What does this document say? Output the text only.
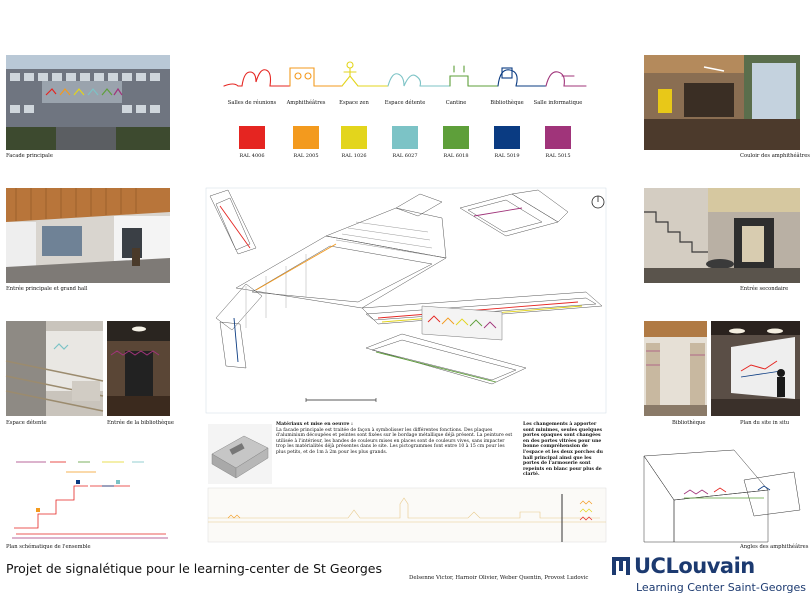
Facade principale
Entrée principale et grand hall
Espace détente	Entrée de la bibliothèque
Plan schématique de l'ensemble
Salles de réunions
RAL 4006
Amphithéâtres
RAL 2005
Espace zen
RAL 1026
Espace détente
RAL 6027
Cantine
RAL 6018
Bibliothèque
RAL 5019
Salle informatique
RAL 5015
Matériaux et mise en oeuvre :
La facade principale est traitée de façon à symbolisser les différentes fonctions. Des plaques d'aluminium découpées et peintes sont fixées sur le bordage métallique déjà présent. La peinture est utilisée à l'intérieur, les bandes de couleurs mises en places sont de couleurs vives, sans impacter trop les matérialités déjà présentes dans le site. Les pictogrammes font entre 10 à 15 cm pour les plus petits, et de 1m à 2m pour les plus grands.
Les changements à apporter sont minimes, seules quelques portes opaques sont changées en des portes vitrées pour une bonne compréhension de l'espace et les deux porches du hall principal ainsi que les portes de l'armoserie sont repeints en blanc pour plus de clarté.
Couloir des amphithéâtres
Entrée secondaire
Bibliothèque	Plan du site in situ
Angles des amphithéâtres
Projet de signalétique pour le learning-center de St Georges
Delsenne Victor, Harnoir Olivier, Weber Quentin, Provost Ludovic UCLouvain
Learning Center Saint-Georges
